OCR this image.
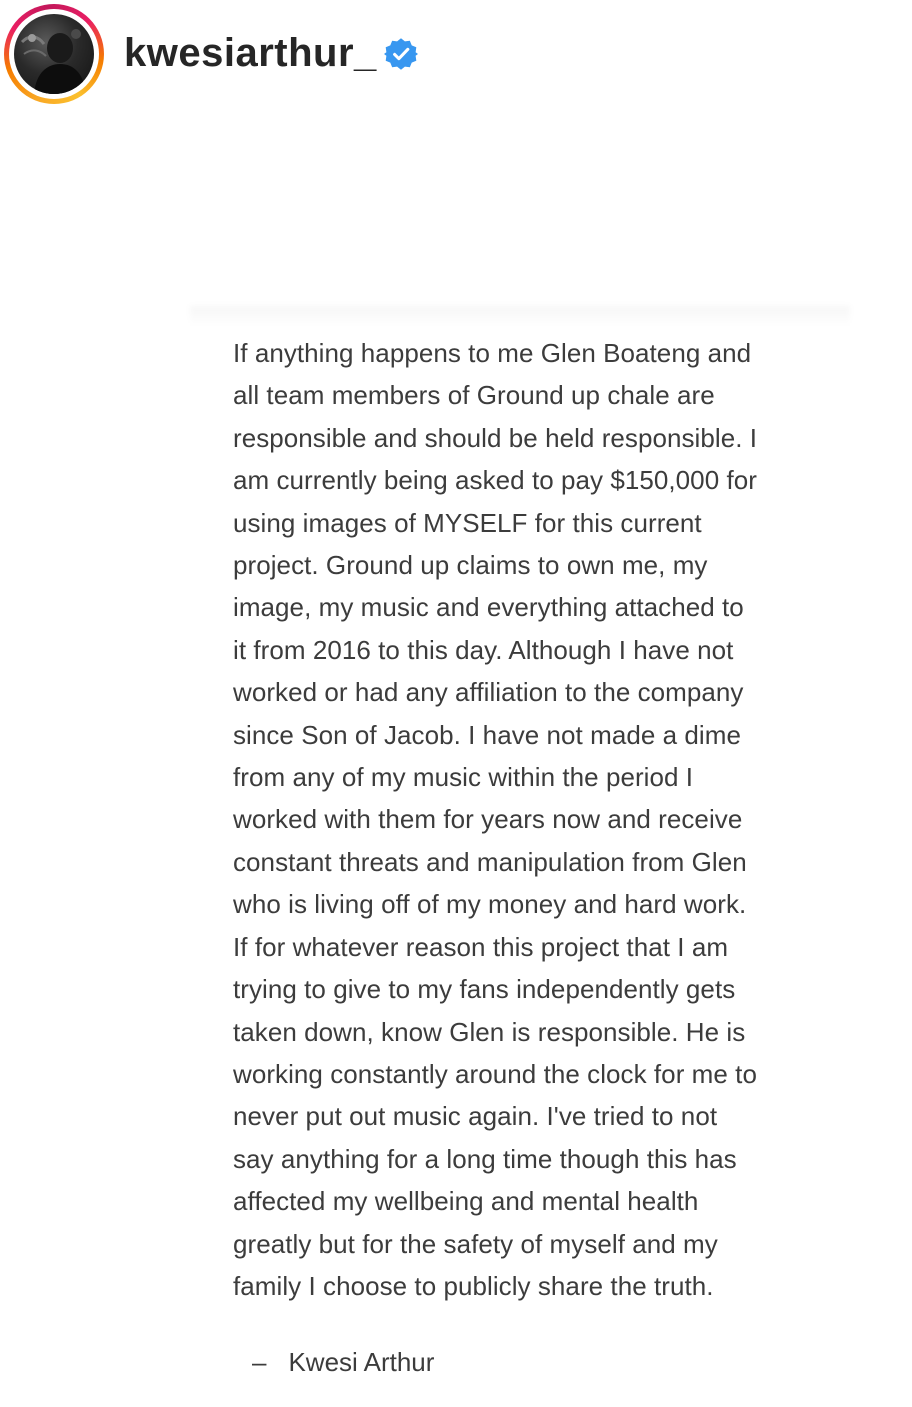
kwesiarthur_

If anything happens to me Glen Boateng and
all team members of Ground up chale are
responsible and should be held responsible. I
am currently being asked to pay $150,000 for
using images of MYSELF for this current
project. Ground up claims to own me, my
image, my music and everything attached to
it from 2016 to this day. Although I have not
worked or had any affiliation to the company
since Son of Jacob. I have not made a dime
from any of my music within the period I
worked with them for years now and receive
constant threats and manipulation from Glen
who is living off of my money and hard work.
If for whatever reason this project that I am
trying to give to my fans independently gets
taken down, know Glen is responsible. He is
working constantly around the clock for me to
never put out music again. I've tried to not
say anything for a long time though this has
affected my wellbeing and mental health
greatly but for the safety of myself and my
family I choose to publicly share the truth.

– Kwesi Arthur
